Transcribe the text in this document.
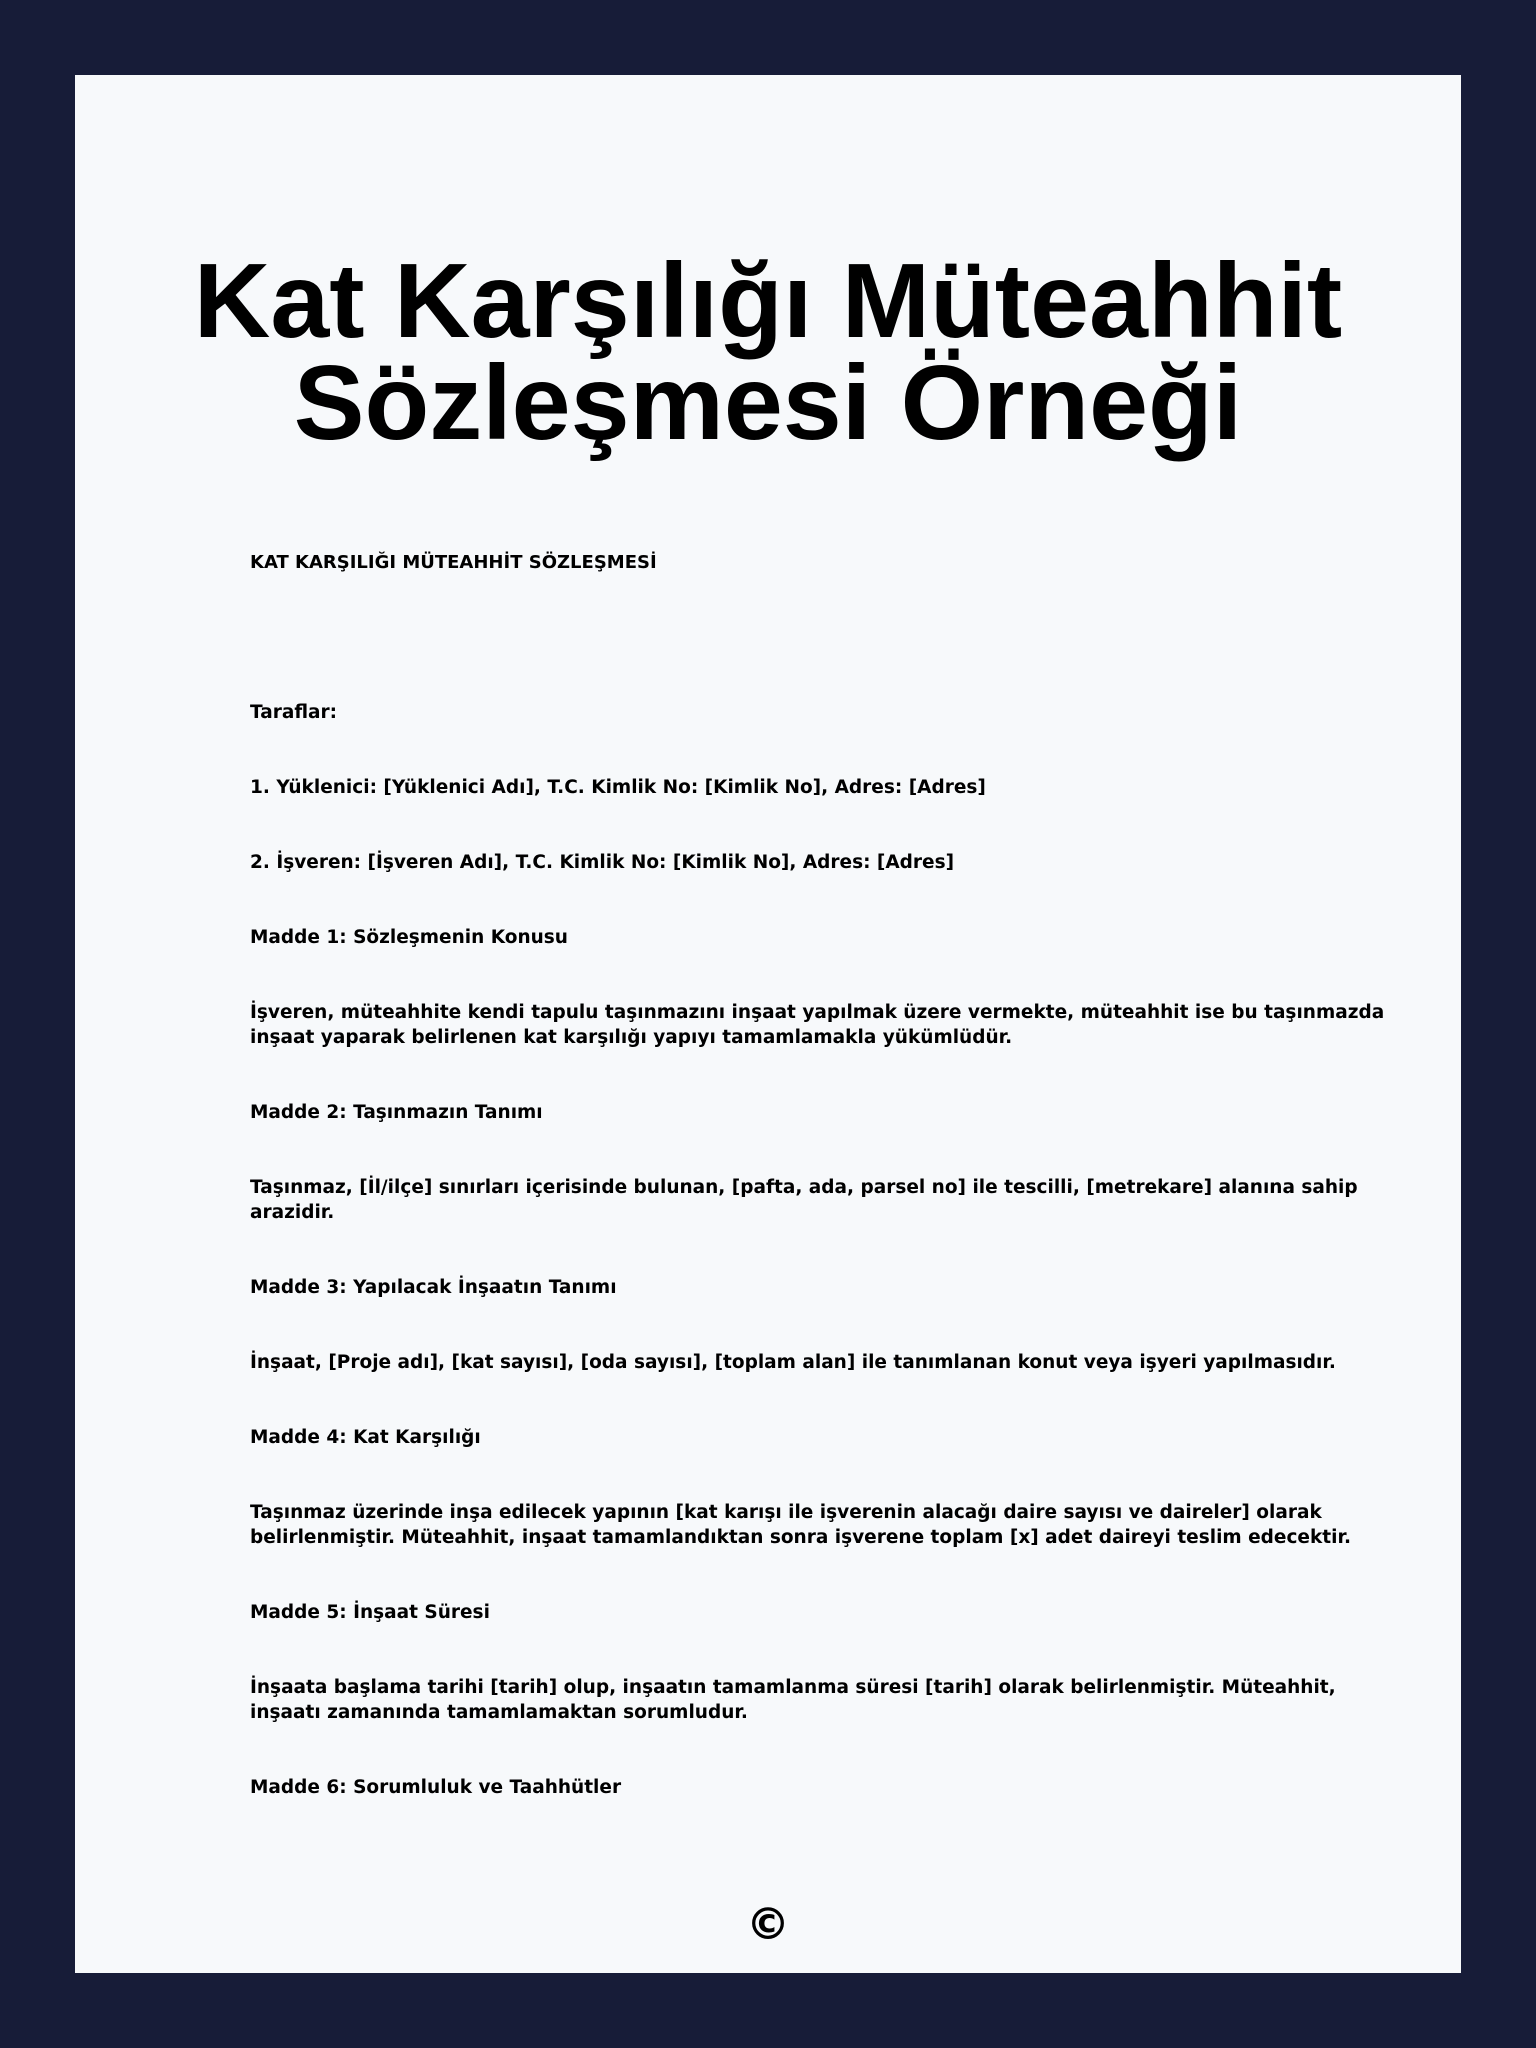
Kat Karşılığı Müteahhit
Sözleşmesi Örneği

KAT KARŞILIĞI MÜTEAHHİT SÖZLEŞMESİ

Taraflar:

1. Yüklenici: [Yüklenici Adı], T.C. Kimlik No: [Kimlik No], Adres: [Adres]

2. İşveren: [İşveren Adı], T.C. Kimlik No: [Kimlik No], Adres: [Adres]

Madde 1: Sözleşmenin Konusu

İşveren, müteahhite kendi tapulu taşınmazını inşaat yapılmak üzere vermekte, müteahhit ise bu taşınmazda
inşaat yaparak belirlenen kat karşılığı yapıyı tamamlamakla yükümlüdür.

Madde 2: Taşınmazın Tanımı

Taşınmaz, [İl/ilçe] sınırları içerisinde bulunan, [pafta, ada, parsel no] ile tescilli, [metrekare] alanına sahip
arazidir.

Madde 3: Yapılacak İnşaatın Tanımı

İnşaat, [Proje adı], [kat sayısı], [oda sayısı], [toplam alan] ile tanımlanan konut veya işyeri yapılmasıdır.

Madde 4: Kat Karşılığı

Taşınmaz üzerinde inşa edilecek yapının [kat karışı ile işverenin alacağı daire sayısı ve daireler] olarak
belirlenmiştir. Müteahhit, inşaat tamamlandıktan sonra işverene toplam [x] adet daireyi teslim edecektir.

Madde 5: İnşaat Süresi

İnşaata başlama tarihi [tarih] olup, inşaatın tamamlanma süresi [tarih] olarak belirlenmiştir. Müteahhit,
inşaatı zamanında tamamlamaktan sorumludur.

Madde 6: Sorumluluk ve Taahhütler

©
